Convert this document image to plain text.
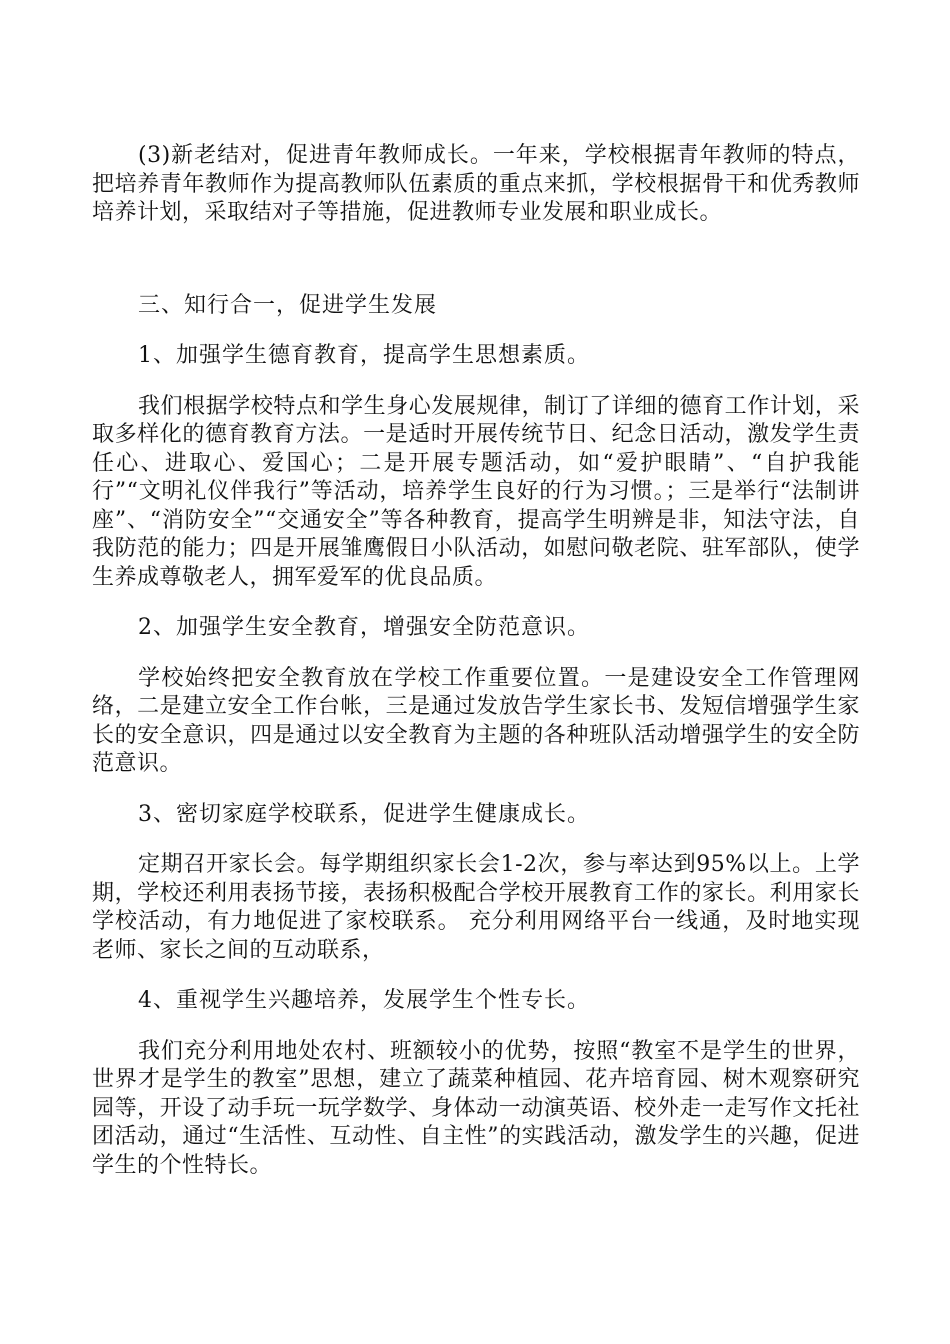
(3)新老结对，促进青年教师成长。一年来，学校根据青年教师的特点，把培养青年教师作为提高教师队伍素质的重点来抓，学校根据骨干和优秀教师培养计划，采取结对子等措施，促进教师专业发展和职业成长。

三、知行合一，促进学生发展

1、加强学生德育教育，提高学生思想素质。

我们根据学校特点和学生身心发展规律，制订了详细的德育工作计划，采取多样化的德育教育方法。一是适时开展传统节日、纪念日活动，激发学生责任心、进取心、爱国心；二是开展专题活动，如“爱护眼睛”、“自护我能行”“文明礼仪伴我行”等活动，培养学生良好的行为习惯。；三是举行“法制讲座”、“消防安全”“交通安全”等各种教育，提高学生明辨是非，知法守法，自我防范的能力；四是开展雏鹰假日小队活动，如慰问敬老院、驻军部队，使学生养成尊敬老人，拥军爱军的优良品质。

2、加强学生安全教育，增强安全防范意识。

学校始终把安全教育放在学校工作重要位置。一是建设安全工作管理网络，二是建立安全工作台帐，三是通过发放告学生家长书、发短信增强学生家长的安全意识，四是通过以安全教育为主题的各种班队活动增强学生的安全防范意识。

3、密切家庭学校联系，促进学生健康成长。

定期召开家长会。每学期组织家长会1-2次，参与率达到95%以上。上学期，学校还利用表扬节接，表扬积极配合学校开展教育工作的家长。利用家长学校活动，有力地促进了家校联系。 充分利用网络平台一线通，及时地实现老师、家长之间的互动联系，

4、重视学生兴趣培养，发展学生个性专长。

我们充分利用地处农村、班额较小的优势，按照“教室不是学生的世界，世界才是学生的教室”思想，建立了蔬菜种植园、花卉培育园、树木观察研究园等，开设了动手玩一玩学数学、身体动一动演英语、校外走一走写作文托社团活动，通过“生活性、互动性、自主性”的实践活动，激发学生的兴趣，促进学生的个性特长。
